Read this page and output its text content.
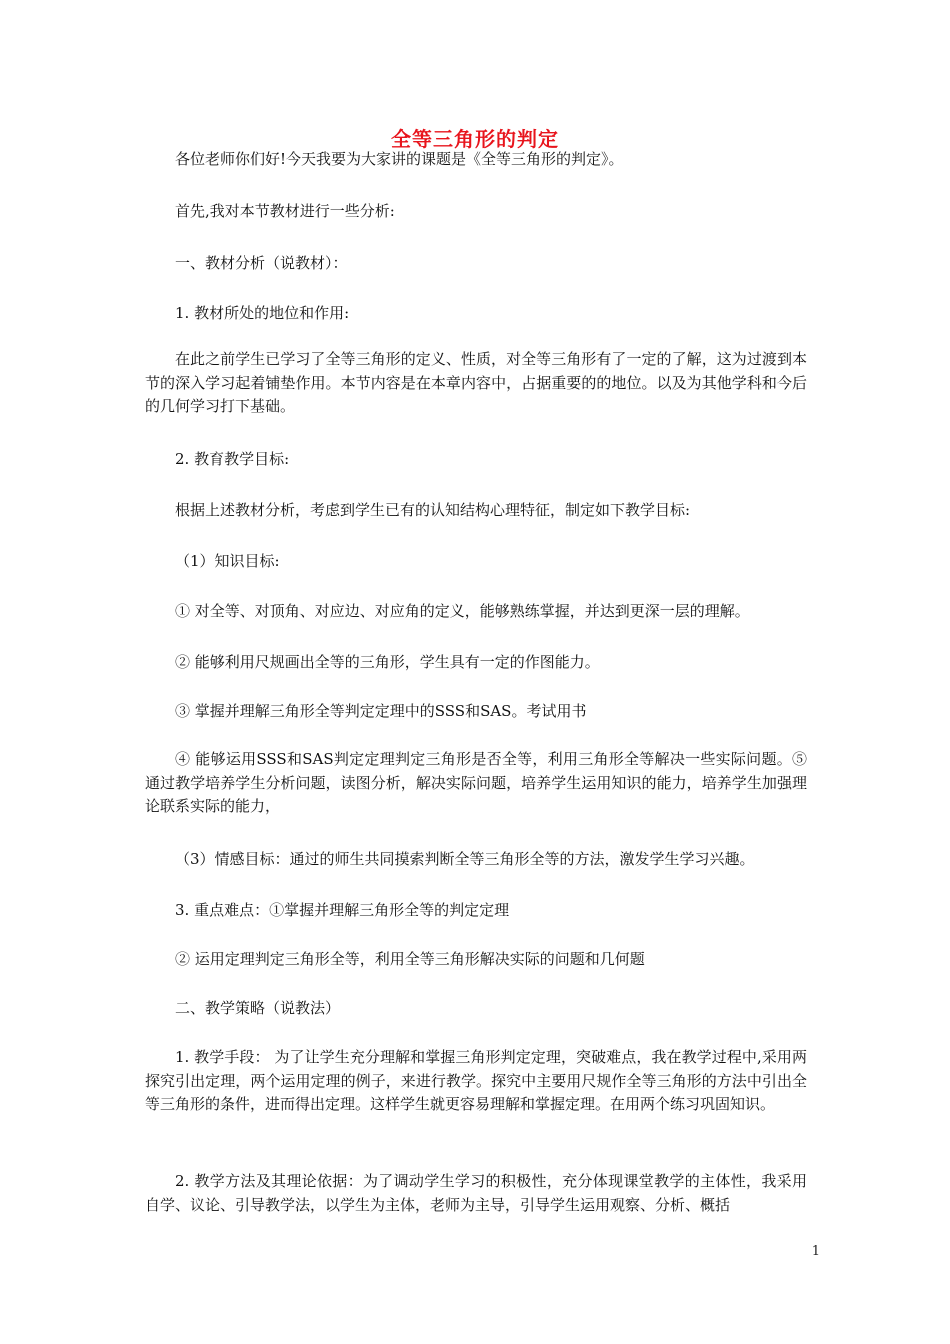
全等三角形的判定

各位老师你们好!今天我要为大家讲的课题是《全等三角形的判定》。

首先,我对本节教材进行一些分析:

一、教材分析（说教材）：

1. 教材所处的地位和作用:

在此之前学生已学习了全等三角形的定义、性质，对全等三角形有了一定的了解，这为过渡到本节的深入学习起着铺垫作用。本节内容是在本章内容中，占据重要的的地位。以及为其他学科和今后的几何学习打下基础。

2. 教育教学目标:

根据上述教材分析，考虑到学生已有的认知结构心理特征，制定如下教学目标:

（1）知识目标:

① 对全等、对顶角、对应边、对应角的定义，能够熟练掌握，并达到更深一层的理解。

② 能够利用尺规画出全等的三角形，学生具有一定的作图能力。

③ 掌握并理解三角形全等判定定理中的SSS和SAS。考试用书

④ 能够运用SSS和SAS判定定理判定三角形是否全等，利用三角形全等解决一些实际问题。⑤通过教学培养学生分析问题，读图分析，解决实际问题，培养学生运用知识的能力，培养学生加强理论联系实际的能力，

（3）情感目标：通过的师生共同摸索判断全等三角形全等的方法，激发学生学习兴趣。

3. 重点难点：①掌握并理解三角形全等的判定定理

② 运用定理判定三角形全等，利用全等三角形解决实际的问题和几何题

二、教学策略（说教法）

1. 教学手段： 为了让学生充分理解和掌握三角形判定定理，突破难点，我在教学过程中,采用两探究引出定理，两个运用定理的例子，来进行教学。探究中主要用尺规作全等三角形的方法中引出全等三角形的条件，进而得出定理。这样学生就更容易理解和掌握定理。在用两个练习巩固知识。

2. 教学方法及其理论依据：为了调动学生学习的积极性，充分体现课堂教学的主体性，我采用自学、议论、引导教学法，以学生为主体，老师为主导，引导学生运用观察、分析、概括

1
